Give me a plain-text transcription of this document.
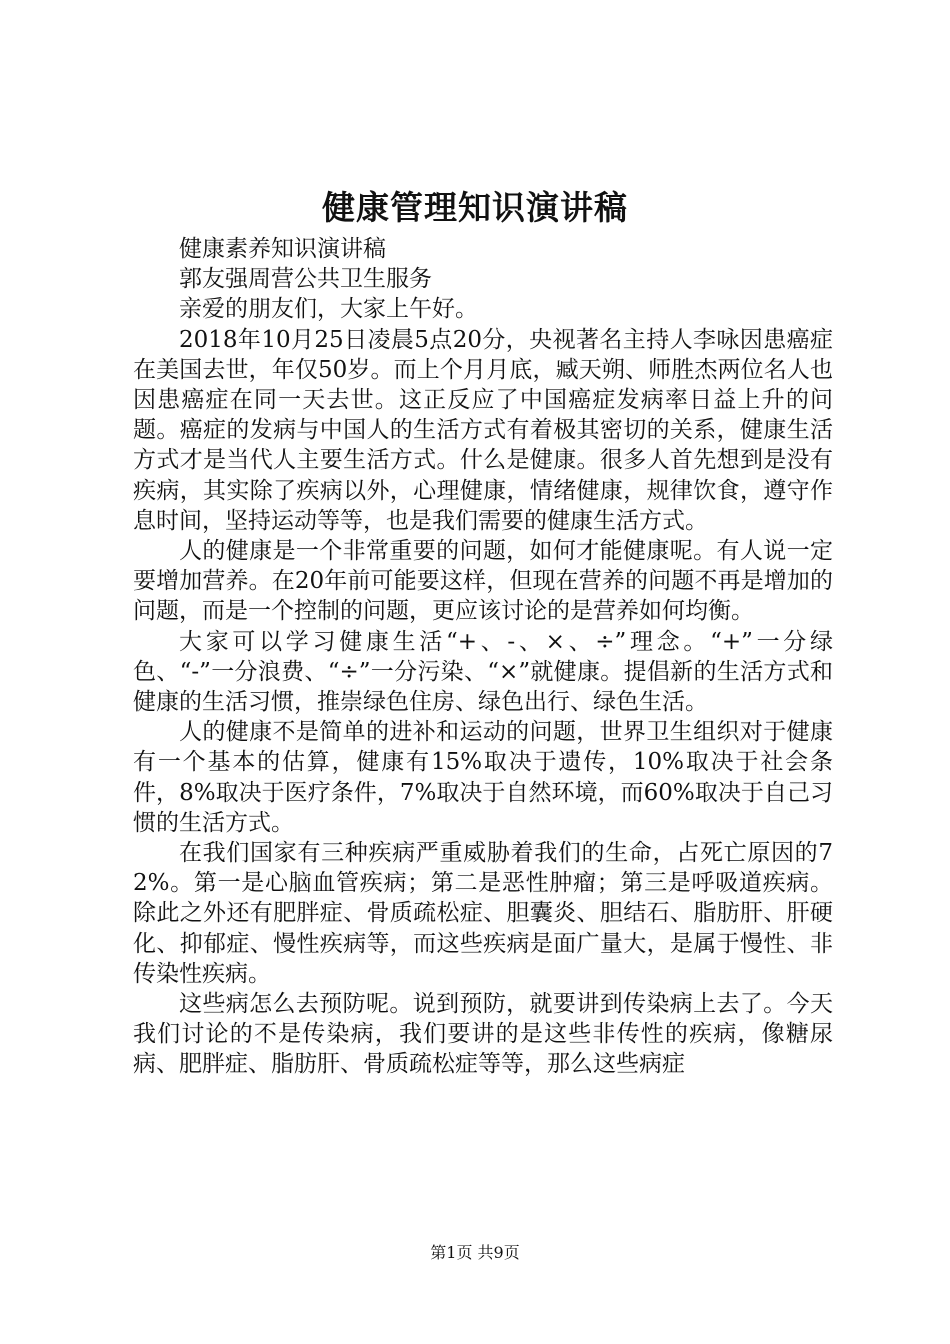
健康管理知识演讲稿

健康素养知识演讲稿

郭友强周营公共卫生服务

亲爱的朋友们，大家上午好。

2018年10月25日凌晨5点20分，央视著名主持人李咏因患癌症在美国去世，年仅50岁。而上个月月底，臧天朔、师胜杰两位名人也因患癌症在同一天去世。这正反应了中国癌症发病率日益上升的问题。癌症的发病与中国人的生活方式有着极其密切的关系，健康生活方式才是当代人主要生活方式。什么是健康。很多人首先想到是没有疾病，其实除了疾病以外，心理健康，情绪健康，规律饮食，遵守作息时间，坚持运动等等，也是我们需要的健康生活方式。

人的健康是一个非常重要的问题，如何才能健康呢。有人说一定要增加营养。在20年前可能要这样，但现在营养的问题不再是增加的问题，而是一个控制的问题，更应该讨论的是营养如何均衡。

大家可以学习健康生活“+、-、×、÷”理念。“+”一分绿色、“-”一分浪费、“÷”一分污染、“×”就健康。提倡新的生活方式和健康的生活习惯，推崇绿色住房、绿色出行、绿色生活。

人的健康不是简单的进补和运动的问题，世界卫生组织对于健康有一个基本的估算，健康有15%取决于遗传，10%取决于社会条件，8%取决于医疗条件，7%取决于自然环境，而60%取决于自己习惯的生活方式。

在我们国家有三种疾病严重威胁着我们的生命，占死亡原因的72%。第一是心脑血管疾病；第二是恶性肿瘤；第三是呼吸道疾病。除此之外还有肥胖症、骨质疏松症、胆囊炎、胆结石、脂肪肝、肝硬化、抑郁症、慢性疾病等，而这些疾病是面广量大，是属于慢性、非传染性疾病。

这些病怎么去预防呢。说到预防，就要讲到传染病上去了。今天我们讨论的不是传染病，我们要讲的是这些非传性的疾病，像糖尿病、肥胖症、脂肪肝、骨质疏松症等等，那么这些病症

第1页 共9页
